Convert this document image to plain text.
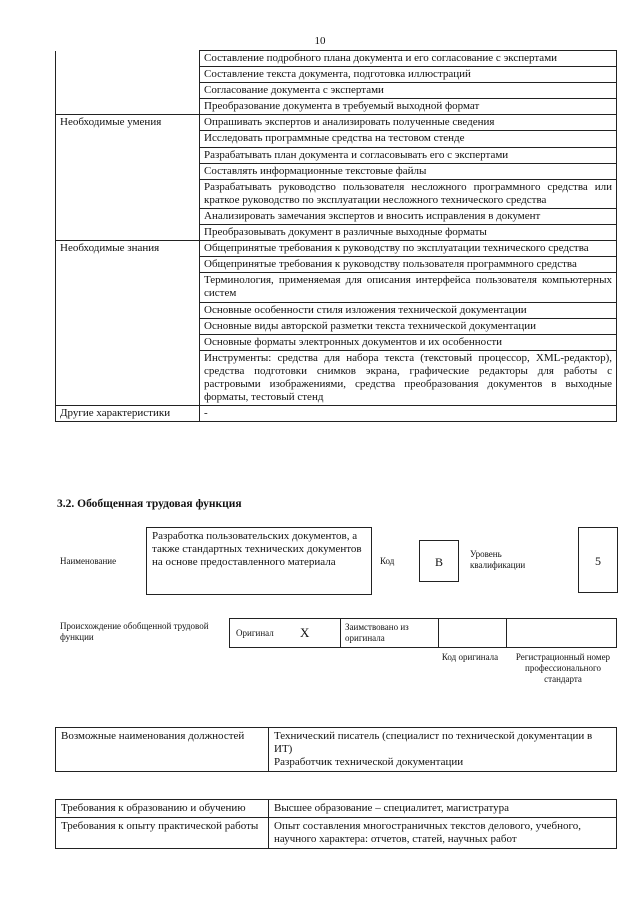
10
	Составление подробного плана документа и его согласование с экспертами
	Составление текста документа, подготовка иллюстраций
	Согласование документа с экспертами
	Преобразование документа в требуемый выходной формат
Необходимые умения	Опрашивать экспертов и анализировать полученные сведения
	Исследовать программные средства на тестовом стенде
	Разрабатывать план документа и согласовывать его с экспертами
	Составлять информационные текстовые файлы
	Разрабатывать руководство пользователя несложного программного средства или краткое руководство по эксплуатации несложного технического средства
	Анализировать замечания экспертов и вносить исправления в документ
	Преобразовывать документ в различные выходные форматы
Необходимые знания	Общепринятые требования к руководству по эксплуатации технического средства
	Общепринятые требования к руководству пользователя программного средства
	Терминология, применяемая для описания интерфейса пользователя компьютерных систем
	Основные особенности стиля изложения технической документации
	Основные виды авторской разметки текста технической документации
	Основные форматы электронных документов и их особенности
	Инструменты: средства для набора текста (текстовый процессор, XML-редактор), средства подготовки снимков экрана, графические редакторы для работы с растровыми изображениями, средства преобразования документов в выходные форматы, тестовый стенд
Другие характеристики	-
3.2. Обобщенная трудовая функция
Наименование
Разработка пользовательских документов, а также стандартных технических документов на основе предоставленного материала	Код	B
Уровень квалификации	5
Происхождение обобщенной трудовой функции	Оригинал X	Заимствовано из оригинала
Код оригинала	Регистрационный номер профессионального стандарта
Возможные наименования должностей	Технический писатель (специалист по технической документации в ИТ)
Разработчик технической документации
Требования к образованию и обучению	Высшее образование – специалитет, магистратура
Требования к опыту практической работы	Опыт составления многостраничных текстов делового, учебного, научного характера: отчетов, статей, научных работ
